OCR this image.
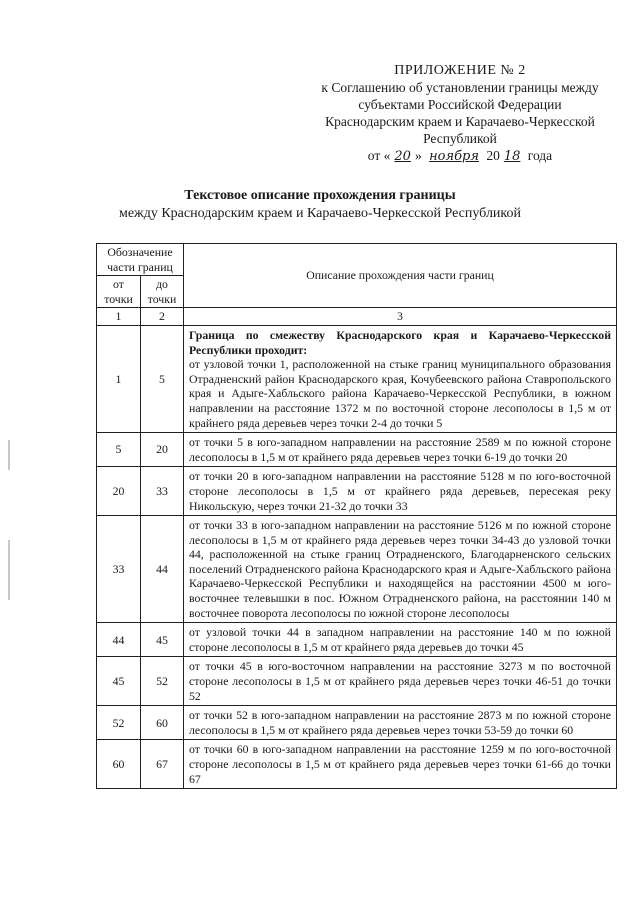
ПРИЛОЖЕНИЕ № 2
к Соглашению об установлении границы между
субъектами Российской Федерации
Краснодарским краем и Карачаево-Черкесской
Республикой
от « 20 » ноября 20 18 года
Текстовое описание прохождения границы
между Краснодарским краем и Карачаево-Черкесской Республикой
Обозначение части границ		Описание прохождения части границ
от точки	до точки	
1	2	3
1	5	Граница по смежеству Краснодарского края и Карачаево-Черкесской Республики проходит:
от узловой точки 1, расположенной на стыке границ муниципального образования Отрадненский район Краснодарского края, Кочубеевского района Ставропольского края и Адыге-Хабльского района Карачаево-Черкесской Республики, в южном направлении на расстояние 1372 м по восточной стороне лесополосы в 1,5 м от крайнего ряда деревьев через точки 2-4 до точки 5

5	20	от точки 5 в юго-западном направлении на расстояние 2589 м по южной стороне лесополосы в 1,5 м от крайнего ряда деревьев через точки 6-19 до точки 20
20	33	от точки 20 в юго-западном направлении на расстояние 5128 м по юго-восточной стороне лесополосы в 1,5 м от крайнего ряда деревьев, пересекая реку Никольскую, через точки 21-32 до точки 33
33	44	от точки 33 в юго-западном направлении на расстояние 5126 м по южной стороне лесополосы в 1,5 м от крайнего ряда деревьев через точки 34-43 до узловой точки 44, расположенной на стыке границ Отрадненского, Благодарненского сельских поселений Отрадненского района Краснодарского края и Адыге-Хабльского района Карачаево-Черкесской Республики и находящейся на расстоянии 4500 м юго-восточнее телевышки в пос. Южном Отрадненского района, на расстоянии 140 м восточнее поворота лесополосы по южной стороне лесополосы
44	45	от узловой точки 44 в западном направлении на расстояние 140 м по южной стороне лесополосы в 1,5 м от крайнего ряда деревьев до точки 45
45	52	от точки 45 в юго-восточном направлении на расстояние 3273 м по восточной стороне лесополосы в 1,5 м от крайнего ряда деревьев через точки 46-51 до точки 52
52	60	от точки 52 в юго-западном направлении на расстояние 2873 м по южной стороне лесополосы в 1,5 м от крайнего ряда деревьев через точки 53-59 до точки 60
60	67	от точки 60 в юго-западном направлении на расстояние 1259 м по юго-восточной стороне лесополосы в 1,5 м от крайнего ряда деревьев через точки 61-66 до точки 67
